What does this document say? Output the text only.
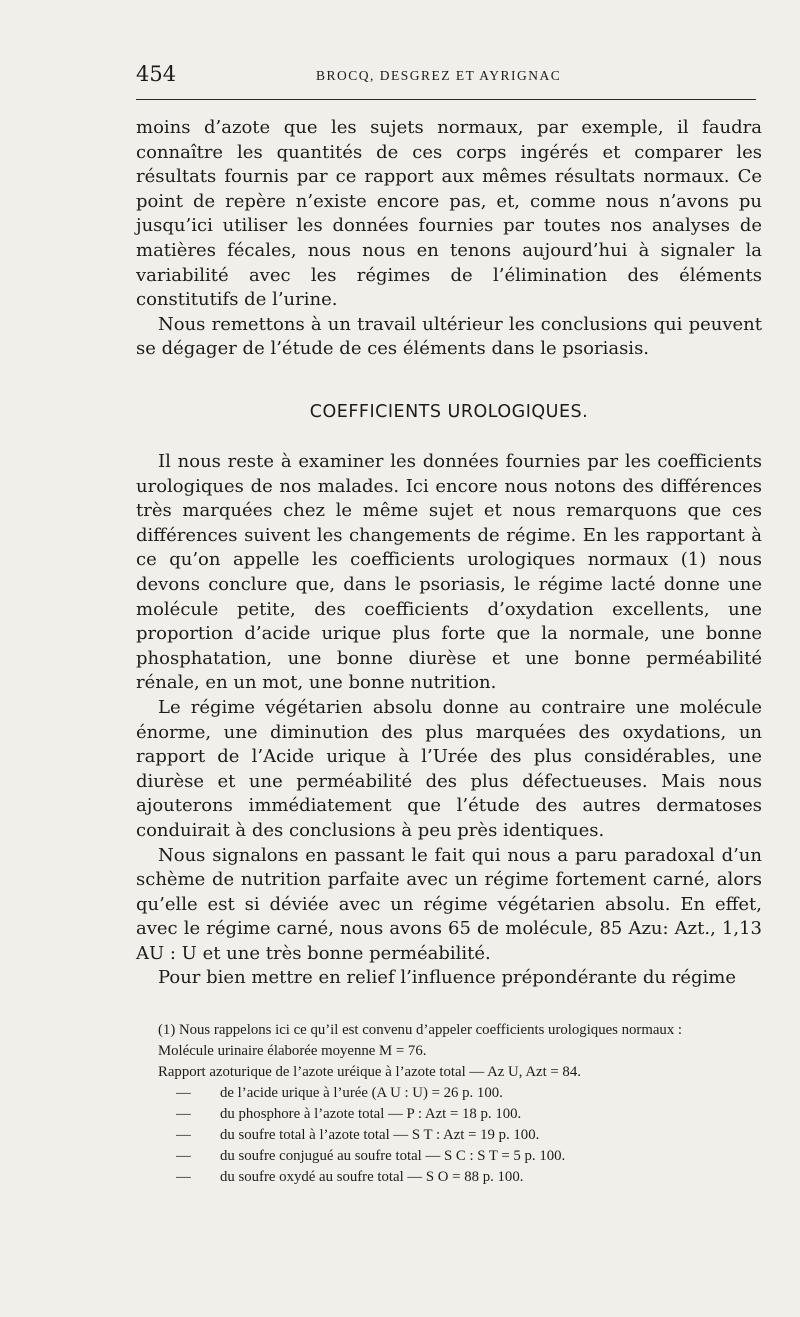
454	BROCQ, DESGREZ ET AYRIGNAC

moins d’azote que les sujets normaux, par exemple, il faudra connaître les quantités de ces corps ingérés et comparer les résultats fournis par ce rapport aux mêmes résultats normaux. Ce point de repère n’existe encore pas, et, comme nous n’avons pu jusqu’ici utiliser les données fournies par toutes nos analyses de matières fécales, nous nous en tenons aujourd’hui à signaler la variabilité avec les régimes de l’élimination des éléments constitutifs de l’urine.

Nous remettons à un travail ultérieur les conclusions qui peuvent se dégager de l’étude de ces éléments dans le psoriasis.

COEFFICIENTS UROLOGIQUES.

Il nous reste à examiner les données fournies par les coefficients urologiques de nos malades. Ici encore nous notons des différences très marquées chez le même sujet et nous remarquons que ces différences suivent les changements de régime. En les rapportant à ce qu’on appelle les coefficients urologiques normaux (1) nous devons conclure que, dans le psoriasis, le régime lacté donne une molécule petite, des coefficients d’oxydation excellents, une proportion d’acide urique plus forte que la normale, une bonne phosphatation, une bonne diurèse et une bonne perméabilité rénale, en un mot, une bonne nutrition.

Le régime végétarien absolu donne au contraire une molécule énorme, une diminution des plus marquées des oxydations, un rapport de l’Acide urique à l’Urée des plus considérables, une diurèse et une perméabilité des plus défectueuses. Mais nous ajouterons immédiatement que l’étude des autres dermatoses conduirait à des conclusions à peu près identiques.

Nous signalons en passant le fait qui nous a paru paradoxal d’un schème de nutrition parfaite avec un régime fortement carné, alors qu’elle est si déviée avec un régime végétarien absolu. En effet, avec le régime carné, nous avons 65 de molécule, 85 Azu: Azt., 1,13 AU : U et une très bonne perméabilité.

Pour bien mettre en relief l’influence prépondérante du régime

(1) Nous rappelons ici ce qu’il est convenu d’appeler coefficients urologiques normaux :

Molécule urinaire élaborée moyenne M = 76.

Rapport azoturique de l’azote uréique à l’azote total — Az U, Azt = 84.

— de l’acide urique à l’urée (A U : U) = 26 p. 100.

— du phosphore à l’azote total — P : Azt = 18 p. 100.

— du soufre total à l’azote total — S T : Azt = 19 p. 100.

— du soufre conjugué au soufre total — S C : S T = 5 p. 100.

— du soufre oxydé au soufre total — S O = 88 p. 100.
